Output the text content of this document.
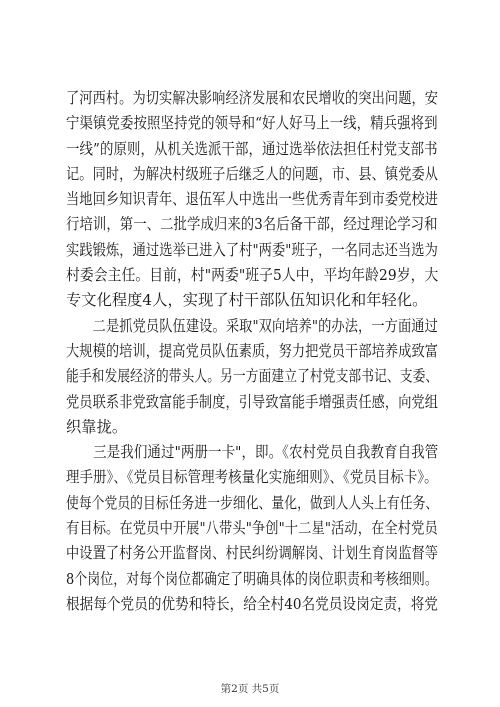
了河西村。为切实解决影响经济发展和农民增收的突出问题，安
宁渠镇党委按照坚持党的领导和“好人好马上一线，精兵强将到
一线”的原则，从机关选派干部，通过选举依法担任村党支部书
记。同时，为解决村级班子后继乏人的问题，市、县、镇党委从
当地回乡知识青年、退伍军人中选出一些优秀青年到市委党校进
行培训，第一、二批学成归来的3名后备干部，经过理论学习和
实践锻炼，通过选举已进入了村"两委"班子，一名同志还当选为
村委会主任。目前，村"两委"班子5人中，平均年龄29岁，大
专文化程度4人，实现了村干部队伍知识化和年轻化。
　　二是抓党员队伍建设。采取"双向培养"的办法，一方面通过
大规模的培训，提高党员队伍素质，努力把党员干部培养成致富
能手和发展经济的带头人。另一方面建立了村党支部书记、支委、
党员联系非党致富能手制度，引导致富能手增强责任感，向党组
织靠拢。
　　三是我们通过"两册一卡"，即。《农村党员自我教育自我管
理手册》、《党员目标管理考核量化实施细则》、《党员目标卡》。
使每个党员的目标任务进一步细化、量化，做到人人头上有任务、
有目标。在党员中开展"八带头"争创"十二星"活动，在全村党员
中设置了村务公开监督岗、村民纠纷调解岗、计划生育岗监督等
8个岗位，对每个岗位都确定了明确具体的岗位职责和考核细则。
根据每个党员的优势和特长，给全村40名党员设岗定责，将党
第2页 共5页
